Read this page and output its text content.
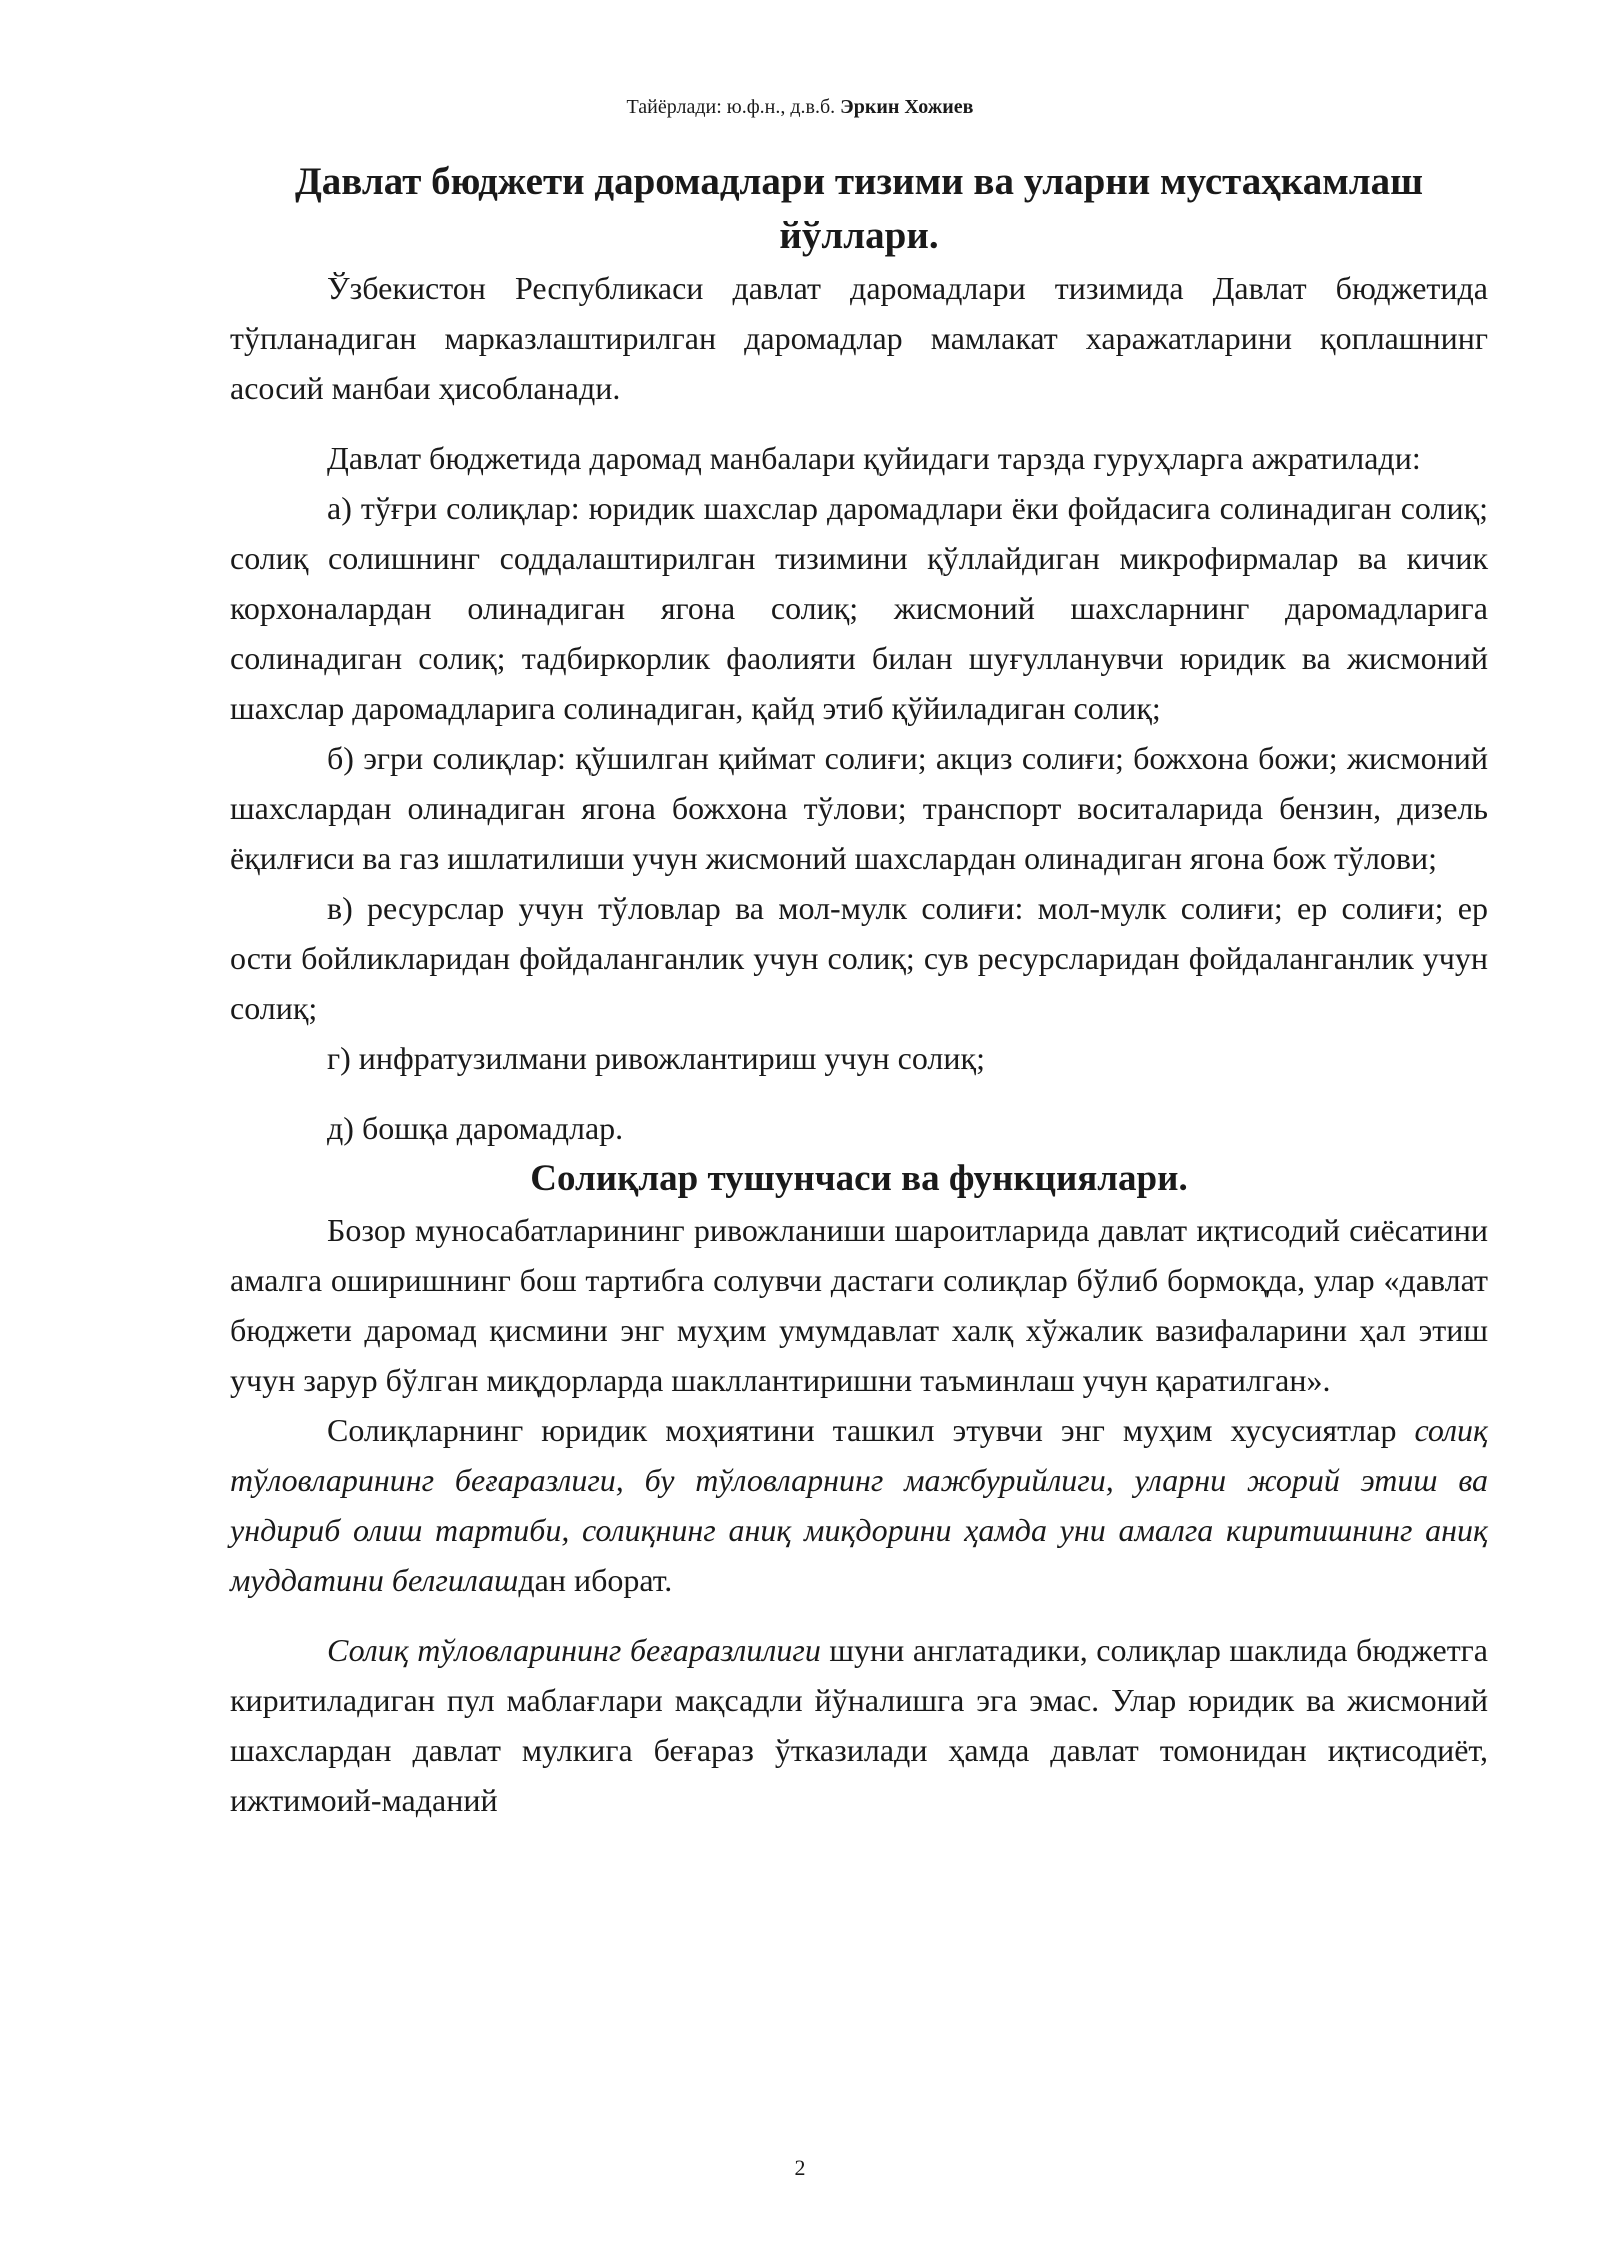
Тайёрлади: ю.ф.н., д.в.б. Эркин Хожиев
Давлат бюджети даромадлари тизими ва уларни мустаҳкамлаш йўллари.

Ўзбекистон Республикаси давлат даромадлари тизимида Давлат бюджетида тўпланадиган марказлаштирилган даромадлар мамлакат харажатларини қоплашнинг асосий манбаи ҳисобланади.

Давлат бюджетида даромад манбалари қуйидаги тарзда гуруҳларга ажратилади:

а) тўғри солиқлар: юридик шахслар даромадлари ёки фойдасига солинадиган солиқ; солиқ солишнинг соддалаштирилган тизимини қўллайдиган микрофирмалар ва кичик корхоналардан олинадиган ягона солиқ; жисмоний шахсларнинг даромадларига солинадиган солиқ; тадбиркорлик фаолияти билан шуғулланувчи юридик ва жисмоний шахслар даромадларига солинадиган, қайд этиб қўйиладиган солиқ;

б) эгри солиқлар: қўшилган қиймат солиғи; акциз солиғи; божхона божи; жисмоний шахслардан олинадиган ягона божхона тўлови; транспорт воситаларида бензин, дизель ёқилғиси ва газ ишлатилиши учун жисмоний шахслардан олинадиган ягона бож тўлови;

в) ресурслар учун тўловлар ва мол-мулк солиғи: мол-мулк солиғи; ер солиғи; ер ости бойликларидан фойдаланганлик учун солиқ; сув ресурсларидан фойдаланганлик учун солиқ;

г) инфратузилмани ривожлантириш учун солиқ;

д) бошқа даромадлар.

Солиқлар тушунчаси ва функциялари.

Бозор муносабатларининг ривожланиши шароитларида давлат иқтисодий сиёсатини амалга оширишнинг бош тартибга солувчи дастаги солиқлар бўлиб бормоқда, улар «давлат бюджети даромад қисмини энг муҳим умумдавлат халқ хўжалик вазифаларини ҳал этиш учун зарур бўлган миқдорларда шакллантиришни таъминлаш учун қаратилган».

Солиқларнинг юридик моҳиятини ташкил этувчи энг муҳим хусусиятлар солиқ тўловларининг беғаразлиги, бу тўловларнинг мажбурийлиги, уларни жорий этиш ва ундириб олиш тартиби, солиқнинг аниқ миқдорини ҳамда уни амалга киритишнинг аниқ муддатини белгилашдан иборат.

Солиқ тўловларининг беғаразлилиги шуни англатадики, солиқлар шаклида бюджетга киритиладиган пул маблағлари мақсадли йўналишга эга эмас. Улар юридик ва жисмоний шахслардан давлат мулкига беғараз ўтказилади ҳамда давлат томонидан иқтисодиёт, ижтимоий-маданий

2
